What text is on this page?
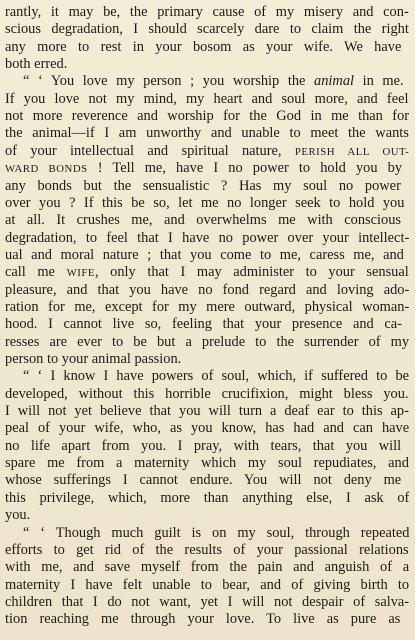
rantly, it may be, the primary cause of my misery and con-
scious degradation, I should scarcely dare to claim the right
any more to rest in your bosom as your wife. We have
both erred.
“ ‘ You love my person ; you worship the animal in me.
If you love not my mind, my heart and soul more, and feel
not more reverence and worship for the God in me than for
the animal—if I am unworthy and unable to meet the wants
of your intellectual and spiritual nature, PERISH ALL OUT-
WARD BONDS ! Tell me, have I no power to hold you by
any bonds but the sensualistic ? Has my soul no power
over you ? If this be so, let me no longer seek to hold you
at all. It crushes me, and overwhelms me with conscious
degradation, to feel that I have no power over your intellect-
ual and moral nature ; that you come to me, caress me, and
call me WIFE, only that I may administer to your sensual
pleasure, and that you have no fond regard and loving ado-
ration for me, except for my mere outward, physical woman-
hood. I cannot live so, feeling that your presence and ca-
resses are ever to be but a prelude to the surrender of my
person to your animal passion.
“ ‘ I know I have powers of soul, which, if suffered to be
developed, without this horrible crucifixion, might bless you.
I will not yet believe that you will turn a deaf ear to this ap-
peal of your wife, who, as you know, has had and can have
no life apart from you. I pray, with tears, that you will
spare me from a maternity which my soul repudiates, and
whose sufferings I cannot endure. You will not deny me
this privilege, which, more than anything else, I ask of
you.
“ ‘ Though much guilt is on my soul, through repeated
efforts to get rid of the results of your passional relations
with me, and save myself from the pain and anguish of a
maternity I have felt unable to bear, and of giving birth to
children that I do not want, yet I will not despair of salva-
tion reaching me through your love. To live as pure as
